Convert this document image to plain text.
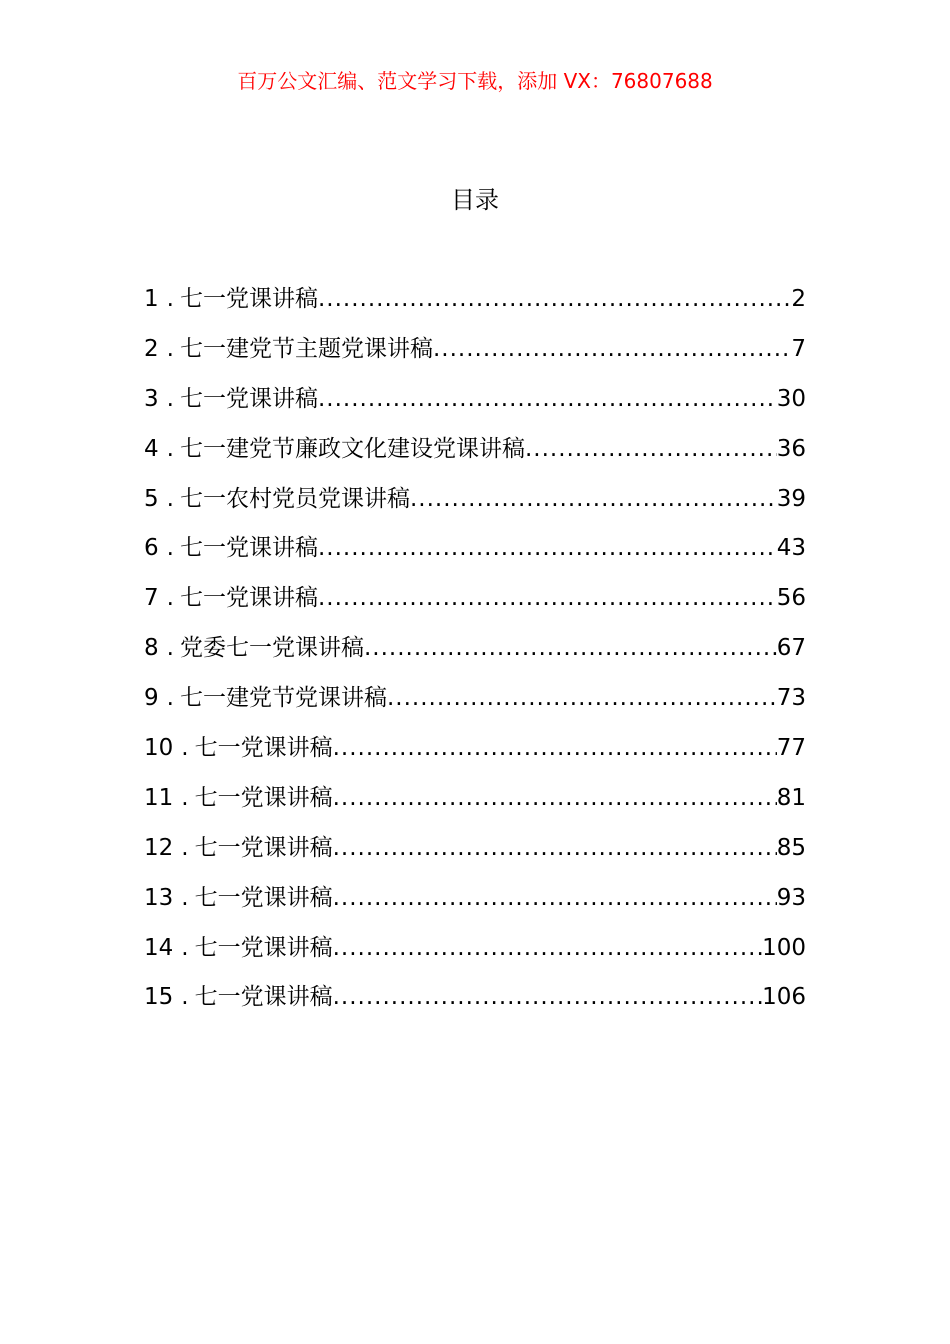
百万公文汇编、范文学习下载，添加 VX：76807688
目录
1 . 七一党课讲稿 .....	2
2 . 七一建党节主题党课讲稿 .....	7
3 . 七一党课讲稿 .....	30
4 . 七一建党节廉政文化建设党课讲稿 .....	36
5 . 七一农村党员党课讲稿 .....	39
6 . 七一党课讲稿 .....	43
7 . 七一党课讲稿 .....	56
8 . 党委七一党课讲稿 .....	67
9 . 七一建党节党课讲稿 .....	73
10 . 七一党课讲稿 .....	77
11 . 七一党课讲稿 .....	81
12 . 七一党课讲稿 .....	85
13 . 七一党课讲稿 .....	93
14 . 七一党课讲稿 .....	100
15 . 七一党课讲稿 .....	106
